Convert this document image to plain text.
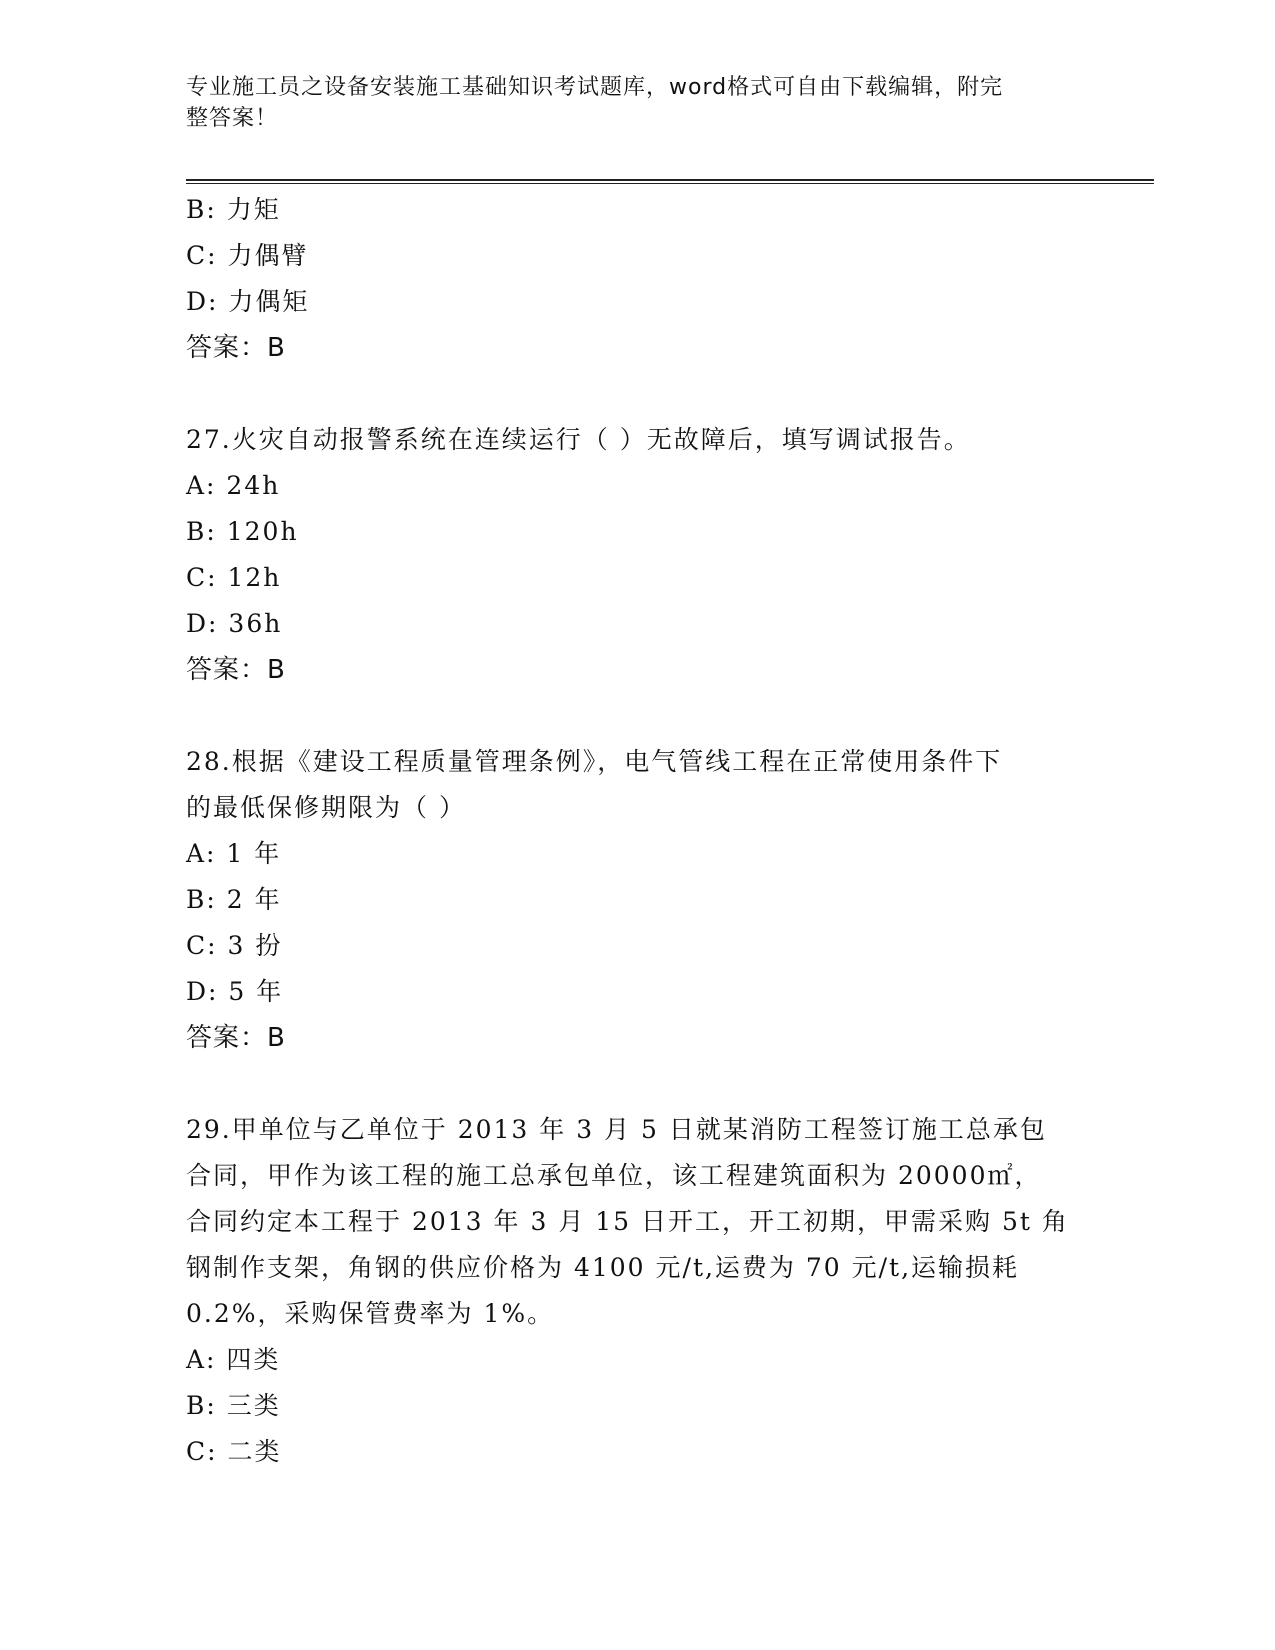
专业施工员之设备安装施工基础知识考试题库，word格式可自由下载编辑，附完
整答案！
B: 力矩
C: 力偶臂
D: 力偶矩
答案：B
27.火灾自动报警系统在连续运行（ ）无故障后，填写调试报告。
A: 24h
B: 120h
C: 12h
D: 36h
答案：B
28.根据《建设工程质量管理条例》，电气管线工程在正常使用条件下
的最低保修期限为（ ）
A: 1 年
B: 2 年
C: 3 扮
D: 5 年
答案：B
29.甲单位与乙单位于 2013 年 3 月 5 日就某消防工程签订施工总承包
合同，甲作为该工程的施工总承包单位，该工程建筑面积为 20000㎡，
合同约定本工程于 2013 年 3 月 15 日开工，开工初期，甲需采购 5t 角
钢制作支架，角钢的供应价格为 4100 元/t,运费为 70 元/t,运输损耗
0.2%，采购保管费率为 1%。
A: 四类
B: 三类
C: 二类
